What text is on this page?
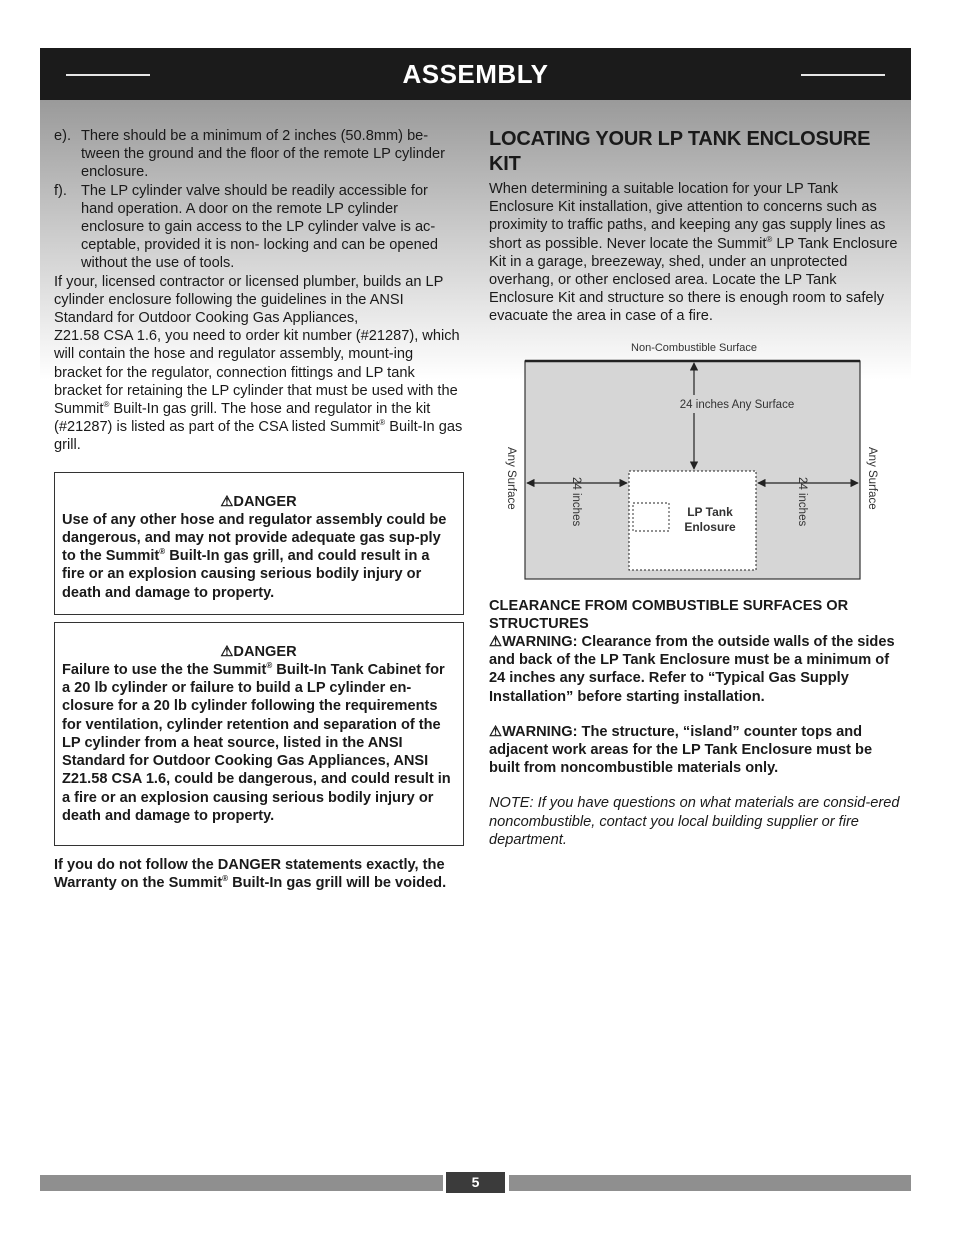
ASSEMBLY
e). There should be a minimum of 2 inches (50.8mm) be-tween the ground and the floor of the remote LP cylinder enclosure.
f). The LP cylinder valve should be readily accessible for hand operation. A door on the remote LP cylinder enclosure to gain access to the LP cylinder valve is ac-ceptable, provided it is non- locking and can be opened without the use of tools.

If your, licensed contractor or licensed plumber, builds an LP cylinder enclosure following the guidelines in the ANSI Standard for Outdoor Cooking Gas Appliances,
Z21.58 CSA 1.6, you need to order kit number (#21287), which will contain the hose and regulator assembly, mount-ing bracket for the regulator, connection fittings and LP tank bracket for retaining the LP cylinder that must be used with the Summit® Built-In gas grill. The hose and regulator in the kit (#21287) is listed as part of the CSA listed Summit® Built-In gas grill.

⚠DANGER

Use of any other hose and regulator assembly could be dangerous, and may not provide adequate gas sup-ply to the Summit® Built-In gas grill, and could result in a fire or an explosion causing serious bodily injury or death and damage to property.

⚠DANGER

Failure to use the the Summit® Built-In Tank Cabinet for a 20 lb cylinder or failure to build a LP cylinder en-closure for a 20 lb cylinder following the requirements for ventilation, cylinder retention and separation of the LP cylinder from a heat source, listed in the ANSI Standard for Outdoor Cooking Gas Appliances, ANSI Z21.58 CSA 1.6, could be dangerous, and could result in a fire or an explosion causing serious bodily injury or death and damage to property.

If you do not follow the DANGER statements exactly, the Warranty on the Summit® Built-In gas grill will be voided.

LOCATING YOUR LP TANK ENCLOSURE KIT

When determining a suitable location for your LP Tank Enclosure Kit installation, give attention to concerns such as proximity to traffic paths, and keeping any gas supply lines as short as possible. Never locate the Summit® LP Tank Enclosure Kit in a garage, breezeway, shed, under an unprotected overhang, or other enclosed area. Locate the LP Tank Enclosure Kit and structure so there is enough room to safely evacuate the area in case of a fire.

Non-Combustible Surface
24 inches Any Surface
LP Tank
Enlosure
Any Surface	Any Surface
24 inches	24 inches

CLEARANCE FROM COMBUSTIBLE SURFACES OR STRUCTURES

⚠WARNING: Clearance from the outside walls of the sides and back of the LP Tank Enclosure must be a minimum of 24 inches any surface. Refer to “Typical Gas Supply Installation” before starting installation.

⚠WARNING: The structure, “island” counter tops and adjacent work areas for the LP Tank Enclosure must be built from noncombustible materials only.

NOTE: If you have questions on what materials are consid-ered noncombustible, contact you local building supplier or fire department.

5
